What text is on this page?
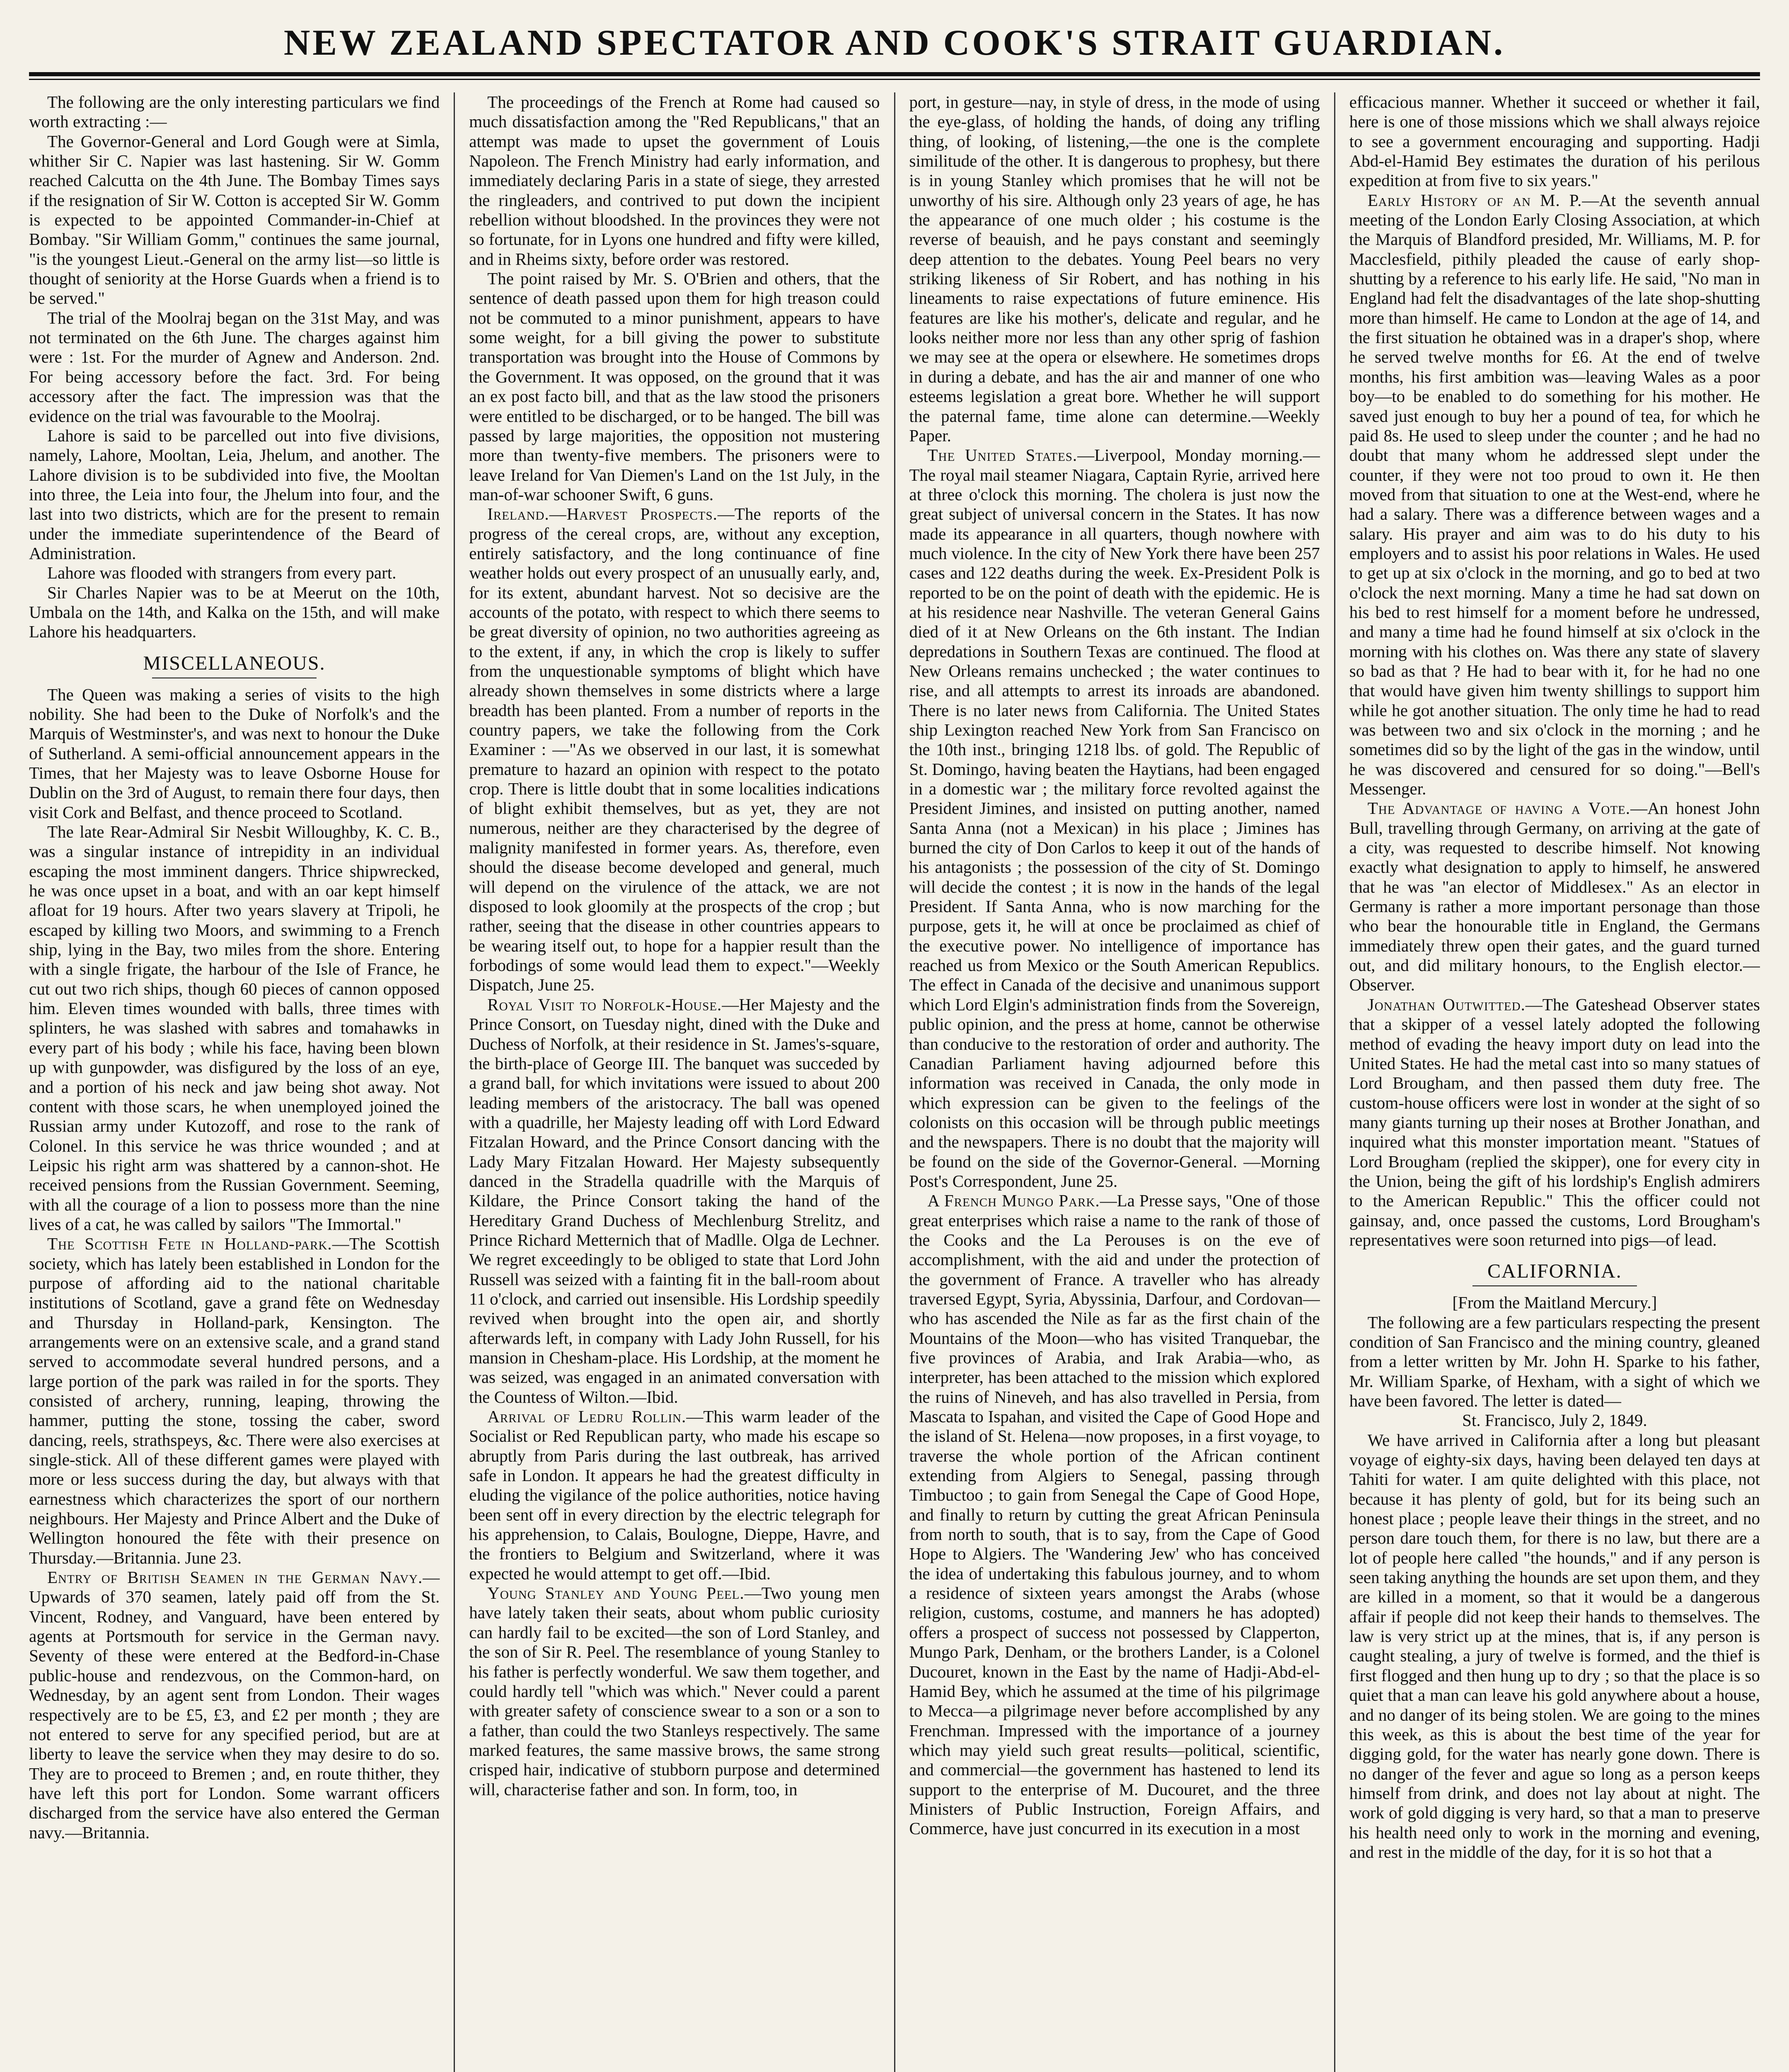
NEW ZEALAND SPECTATOR AND COOK'S STRAIT GUARDIAN.

The following are the only interesting particulars we find worth extracting :—

The Governor-General and Lord Gough were at Simla, whither Sir C. Napier was last hastening. Sir W. Gomm reached Calcutta on the 4th June. The Bombay Times says if the resignation of Sir W. Cotton is accepted Sir W. Gomm is expected to be appointed Commander-in-Chief at Bombay. "Sir William Gomm," continues the same journal, "is the youngest Lieut.-General on the army list—so little is thought of seniority at the Horse Guards when a friend is to be served."

The trial of the Moolraj began on the 31st May, and was not terminated on the 6th June. The charges against him were : 1st. For the murder of Agnew and Anderson. 2nd. For being accessory before the fact. 3rd. For being accessory after the fact. The impression was that the evidence on the trial was favourable to the Moolraj.

Lahore is said to be parcelled out into five divisions, namely, Lahore, Mooltan, Leia, Jhelum, and another. The Lahore division is to be subdivided into five, the Mooltan into three, the Leia into four, the Jhelum into four, and the last into two districts, which are for the present to remain under the immediate superintendence of the Beard of Administration.

Lahore was flooded with strangers from every part.

Sir Charles Napier was to be at Meerut on the 10th, Umbala on the 14th, and Kalka on the 15th, and will make Lahore his headquarters.

MISCELLANEOUS.

The Queen was making a series of visits to the high nobility. She had been to the Duke of Norfolk's and the Marquis of Westminster's, and was next to honour the Duke of Sutherland. A semi-official announcement appears in the Times, that her Majesty was to leave Osborne House for Dublin on the 3rd of August, to remain there four days, then visit Cork and Belfast, and thence proceed to Scotland.

The late Rear-Admiral Sir Nesbit Willoughby, K. C. B., was a singular instance of intrepidity in an individual escaping the most imminent dangers. Thrice shipwrecked, he was once upset in a boat, and with an oar kept himself afloat for 19 hours. After two years slavery at Tripoli, he escaped by killing two Moors, and swimming to a French ship, lying in the Bay, two miles from the shore. Entering with a single frigate, the harbour of the Isle of France, he cut out two rich ships, though 60 pieces of cannon opposed him. Eleven times wounded with balls, three times with splinters, he was slashed with sabres and tomahawks in every part of his body ; while his face, having been blown up with gunpowder, was disfigured by the loss of an eye, and a portion of his neck and jaw being shot away. Not content with those scars, he when unemployed joined the Russian army under Kutozoff, and rose to the rank of Colonel. In this service he was thrice wounded ; and at Leipsic his right arm was shattered by a cannon-shot. He received pensions from the Russian Government. Seeming, with all the courage of a lion to possess more than the nine lives of a cat, he was called by sailors "The Immortal."

The Scottish Fete in Holland-park.—The Scottish society, which has lately been established in London for the purpose of affording aid to the national charitable institutions of Scotland, gave a grand fête on Wednesday and Thursday in Holland-park, Kensington. The arrangements were on an extensive scale, and a grand stand served to accommodate several hundred persons, and a large portion of the park was railed in for the sports. They consisted of archery, running, leaping, throwing the hammer, putting the stone, tossing the caber, sword dancing, reels, strathspeys, &c. There were also exercises at single-stick. All of these different games were played with more or less success during the day, but always with that earnestness which characterizes the sport of our northern neighbours. Her Majesty and Prince Albert and the Duke of Wellington honoured the fête with their presence on Thursday.—Britannia. June 23.

Entry of British Seamen in the German Navy.—Upwards of 370 seamen, lately paid off from the St. Vincent, Rodney, and Vanguard, have been entered by agents at Portsmouth for service in the German navy. Seventy of these were entered at the Bedford-in-Chase public-house and rendezvous, on the Common-hard, on Wednesday, by an agent sent from London. Their wages respectively are to be £5, £3, and £2 per month ; they are not entered to serve for any specified period, but are at liberty to leave the service when they may desire to do so. They are to proceed to Bremen ; and, en route thither, they have left this port for London. Some warrant officers discharged from the service have also entered the German navy.—Britannia.

The proceedings of the French at Rome had caused so much dissatisfaction among the "Red Republicans," that an attempt was made to upset the government of Louis Napoleon. The French Ministry had early information, and immediately declaring Paris in a state of siege, they arrested the ringleaders, and contrived to put down the incipient rebellion without bloodshed. In the provinces they were not so fortunate, for in Lyons one hundred and fifty were killed, and in Rheims sixty, before order was restored.

The point raised by Mr. S. O'Brien and others, that the sentence of death passed upon them for high treason could not be commuted to a minor punishment, appears to have some weight, for a bill giving the power to substitute transportation was brought into the House of Commons by the Government. It was opposed, on the ground that it was an ex post facto bill, and that as the law stood the prisoners were entitled to be discharged, or to be hanged. The bill was passed by large majorities, the opposition not mustering more than twenty-five members. The prisoners were to leave Ireland for Van Diemen's Land on the 1st July, in the man-of-war schooner Swift, 6 guns.

Ireland.—Harvest Prospects.—The reports of the progress of the cereal crops, are, without any exception, entirely satisfactory, and the long continuance of fine weather holds out every prospect of an unusually early, and, for its extent, abundant harvest. Not so decisive are the accounts of the potato, with respect to which there seems to be great diversity of opinion, no two authorities agreeing as to the extent, if any, in which the crop is likely to suffer from the unquestionable symptoms of blight which have already shown themselves in some districts where a large breadth has been planted. From a number of reports in the country papers, we take the following from the Cork Examiner : —"As we observed in our last, it is somewhat premature to hazard an opinion with respect to the potato crop. There is little doubt that in some localities indications of blight exhibit themselves, but as yet, they are not numerous, neither are they characterised by the degree of malignity manifested in former years. As, therefore, even should the disease become developed and general, much will depend on the virulence of the attack, we are not disposed to look gloomily at the prospects of the crop ; but rather, seeing that the disease in other countries appears to be wearing itself out, to hope for a happier result than the forbodings of some would lead them to expect."—Weekly Dispatch, June 25.

Royal Visit to Norfolk-House.—Her Majesty and the Prince Consort, on Tuesday night, dined with the Duke and Duchess of Norfolk, at their residence in St. James's-square, the birth-place of George III. The banquet was succeded by a grand ball, for which invitations were issued to about 200 leading members of the aristocracy. The ball was opened with a quadrille, her Majesty leading off with Lord Edward Fitzalan Howard, and the Prince Consort dancing with the Lady Mary Fitzalan Howard. Her Majesty subsequently danced in the Stradella quadrille with the Marquis of Kildare, the Prince Consort taking the hand of the Hereditary Grand Duchess of Mechlenburg Strelitz, and Prince Richard Metternich that of Madlle. Olga de Lechner. We regret exceedingly to be obliged to state that Lord John Russell was seized with a fainting fit in the ball-room about 11 o'clock, and carried out insensible. His Lordship speedily revived when brought into the open air, and shortly afterwards left, in company with Lady John Russell, for his mansion in Chesham-place. His Lordship, at the moment he was seized, was engaged in an animated conversation with the Countess of Wilton.—Ibid.

Arrival of Ledru Rollin.—This warm leader of the Socialist or Red Republican party, who made his escape so abruptly from Paris during the last outbreak, has arrived safe in London. It appears he had the greatest difficulty in eluding the vigilance of the police authorities, notice having been sent off in every direction by the electric telegraph for his apprehension, to Calais, Boulogne, Dieppe, Havre, and the frontiers to Belgium and Switzerland, where it was expected he would attempt to get off.—Ibid.

Young Stanley and Young Peel.—Two young men have lately taken their seats, about whom public curiosity can hardly fail to be excited—the son of Lord Stanley, and the son of Sir R. Peel. The resemblance of young Stanley to his father is perfectly wonderful. We saw them together, and could hardly tell "which was which." Never could a parent with greater safety of conscience swear to a son or a son to a father, than could the two Stanleys respectively. The same marked features, the same massive brows, the same strong crisped hair, indicative of stubborn purpose and determined will, characterise father and son. In form, too, in

port, in gesture—nay, in style of dress, in the mode of using the eye-glass, of holding the hands, of doing any trifling thing, of looking, of listening,—the one is the complete similitude of the other. It is dangerous to prophesy, but there is in young Stanley which promises that he will not be unworthy of his sire. Although only 23 years of age, he has the appearance of one much older ; his costume is the reverse of beauish, and he pays constant and seemingly deep attention to the debates. Young Peel bears no very striking likeness of Sir Robert, and has nothing in his lineaments to raise expectations of future eminence. His features are like his mother's, delicate and regular, and he looks neither more nor less than any other sprig of fashion we may see at the opera or elsewhere. He sometimes drops in during a debate, and has the air and manner of one who esteems legislation a great bore. Whether he will support the paternal fame, time alone can determine.—Weekly Paper.

The United States.—Liverpool, Monday morning.—The royal mail steamer Niagara, Captain Ryrie, arrived here at three o'clock this morning. The cholera is just now the great subject of universal concern in the States. It has now made its appearance in all quarters, though nowhere with much violence. In the city of New York there have been 257 cases and 122 deaths during the week. Ex-President Polk is reported to be on the point of death with the epidemic. He is at his residence near Nashville. The veteran General Gains died of it at New Orleans on the 6th instant. The Indian depredations in Southern Texas are continued. The flood at New Orleans remains unchecked ; the water continues to rise, and all attempts to arrest its inroads are abandoned. There is no later news from California. The United States ship Lexington reached New York from San Francisco on the 10th inst., bringing 1218 lbs. of gold. The Republic of St. Domingo, having beaten the Haytians, had been engaged in a domestic war ; the military force revolted against the President Jimines, and insisted on putting another, named Santa Anna (not a Mexican) in his place ; Jimines has burned the city of Don Carlos to keep it out of the hands of his antagonists ; the possession of the city of St. Domingo will decide the contest ; it is now in the hands of the legal President. If Santa Anna, who is now marching for the purpose, gets it, he will at once be proclaimed as chief of the executive power. No intelligence of importance has reached us from Mexico or the South American Republics. The effect in Canada of the decisive and unanimous support which Lord Elgin's administration finds from the Sovereign, public opinion, and the press at home, cannot be otherwise than conducive to the restoration of order and authority. The Canadian Parliament having adjourned before this information was received in Canada, the only mode in which expression can be given to the feelings of the colonists on this occasion will be through public meetings and the newspapers. There is no doubt that the majority will be found on the side of the Governor-General. —Morning Post's Correspondent, June 25.

A French Mungo Park.—La Presse says, "One of those great enterprises which raise a name to the rank of those of the Cooks and the La Perouses is on the eve of accomplishment, with the aid and under the protection of the government of France. A traveller who has already traversed Egypt, Syria, Abyssinia, Darfour, and Cordovan—who has ascended the Nile as far as the first chain of the Mountains of the Moon—who has visited Tranquebar, the five provinces of Arabia, and Irak Arabia—who, as interpreter, has been attached to the mission which explored the ruins of Nineveh, and has also travelled in Persia, from Mascata to Ispahan, and visited the Cape of Good Hope and the island of St. Helena—now proposes, in a first voyage, to traverse the whole portion of the African continent extending from Algiers to Senegal, passing through Timbuctoo ; to gain from Senegal the Cape of Good Hope, and finally to return by cutting the great African Peninsula from north to south, that is to say, from the Cape of Good Hope to Algiers. The 'Wandering Jew' who has conceived the idea of undertaking this fabulous journey, and to whom a residence of sixteen years amongst the Arabs (whose religion, customs, costume, and manners he has adopted) offers a prospect of success not possessed by Clapperton, Mungo Park, Denham, or the brothers Lander, is a Colonel Ducouret, known in the East by the name of Hadji-Abd-el-Hamid Bey, which he assumed at the time of his pilgrimage to Mecca—a pilgrimage never before accomplished by any Frenchman. Impressed with the importance of a journey which may yield such great results—political, scientific, and commercial—the government has hastened to lend its support to the enterprise of M. Ducouret, and the three Ministers of Public Instruction, Foreign Affairs, and Commerce, have just concurred in its execution in a most

efficacious manner. Whether it succeed or whether it fail, here is one of those missions which we shall always rejoice to see a government encouraging and supporting. Hadji Abd-el-Hamid Bey estimates the duration of his perilous expedition at from five to six years."

Early History of an M. P.—At the seventh annual meeting of the London Early Closing Association, at which the Marquis of Blandford presided, Mr. Williams, M. P. for Macclesfield, pithily pleaded the cause of early shop-shutting by a reference to his early life. He said, "No man in England had felt the disadvantages of the late shop-shutting more than himself. He came to London at the age of 14, and the first situation he obtained was in a draper's shop, where he served twelve months for £6. At the end of twelve months, his first ambition was—leaving Wales as a poor boy—to be enabled to do something for his mother. He saved just enough to buy her a pound of tea, for which he paid 8s. He used to sleep under the counter ; and he had no doubt that many whom he addressed slept under the counter, if they were not too proud to own it. He then moved from that situation to one at the West-end, where he had a salary. There was a difference between wages and a salary. His prayer and aim was to do his duty to his employers and to assist his poor relations in Wales. He used to get up at six o'clock in the morning, and go to bed at two o'clock the next morning. Many a time he had sat down on his bed to rest himself for a moment before he undressed, and many a time had he found himself at six o'clock in the morning with his clothes on. Was there any state of slavery so bad as that ? He had to bear with it, for he had no one that would have given him twenty shillings to support him while he got another situation. The only time he had to read was between two and six o'clock in the morning ; and he sometimes did so by the light of the gas in the window, until he was discovered and censured for so doing."—Bell's Messenger.

The Advantage of having a Vote.—An honest John Bull, travelling through Germany, on arriving at the gate of a city, was requested to describe himself. Not knowing exactly what designation to apply to himself, he answered that he was "an elector of Middlesex." As an elector in Germany is rather a more important personage than those who bear the honourable title in England, the Germans immediately threw open their gates, and the guard turned out, and did military honours, to the English elector.—Observer.

Jonathan Outwitted.—The Gateshead Observer states that a skipper of a vessel lately adopted the following method of evading the heavy import duty on lead into the United States. He had the metal cast into so many statues of Lord Brougham, and then passed them duty free. The custom-house officers were lost in wonder at the sight of so many giants turning up their noses at Brother Jonathan, and inquired what this monster importation meant. "Statues of Lord Brougham (replied the skipper), one for every city in the Union, being the gift of his lordship's English admirers to the American Republic." This the officer could not gainsay, and, once passed the customs, Lord Brougham's representatives were soon returned into pigs—of lead.

CALIFORNIA.

[From the Maitland Mercury.]

The following are a few particulars respecting the present condition of San Francisco and the mining country, gleaned from a letter written by Mr. John H. Sparke to his father, Mr. William Sparke, of Hexham, with a sight of which we have been favored. The letter is dated—

St. Francisco, July 2, 1849.

We have arrived in California after a long but pleasant voyage of eighty-six days, having been delayed ten days at Tahiti for water. I am quite delighted with this place, not because it has plenty of gold, but for its being such an honest place ; people leave their things in the street, and no person dare touch them, for there is no law, but there are a lot of people here called "the hounds," and if any person is seen taking anything the hounds are set upon them, and they are killed in a moment, so that it would be a dangerous affair if people did not keep their hands to themselves. The law is very strict up at the mines, that is, if any person is caught stealing, a jury of twelve is formed, and the thief is first flogged and then hung up to dry ; so that the place is so quiet that a man can leave his gold anywhere about a house, and no danger of its being stolen. We are going to the mines this week, as this is about the best time of the year for digging gold, for the water has nearly gone down. There is no danger of the fever and ague so long as a person keeps himself from drink, and does not lay about at night. The work of gold digging is very hard, so that a man to preserve his health need only to work in the morning and evening, and rest in the middle of the day, for it is so hot that a
